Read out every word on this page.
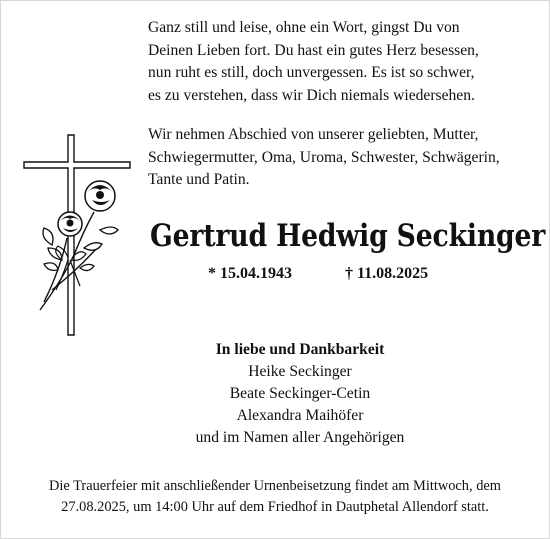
Ganz still und leise, ohne ein Wort, gingst Du von
Deinen Lieben fort. Du hast ein gutes Herz besessen,
nun ruht es still, doch unvergessen. Es ist so schwer,
es zu verstehen, dass wir Dich niemals wiedersehen.
Wir nehmen Abschied von unserer geliebten, Mutter,
Schwiegermutter, Oma, Uroma, Schwester, Schwägerin,
Tante und Patin.
Gertrud Hedwig Seckinger
* 15.04.1943	† 11.08.2025
In liebe und Dankbarkeit
Heike Seckinger
Beate Seckinger-Cetin
Alexandra Maihöfer
und im Namen aller Angehörigen
Die Trauerfeier mit anschließender Urnenbeisetzung findet am Mittwoch, dem 27.08.2025, um 14:00 Uhr auf dem Friedhof in Dautphetal Allendorf statt.
